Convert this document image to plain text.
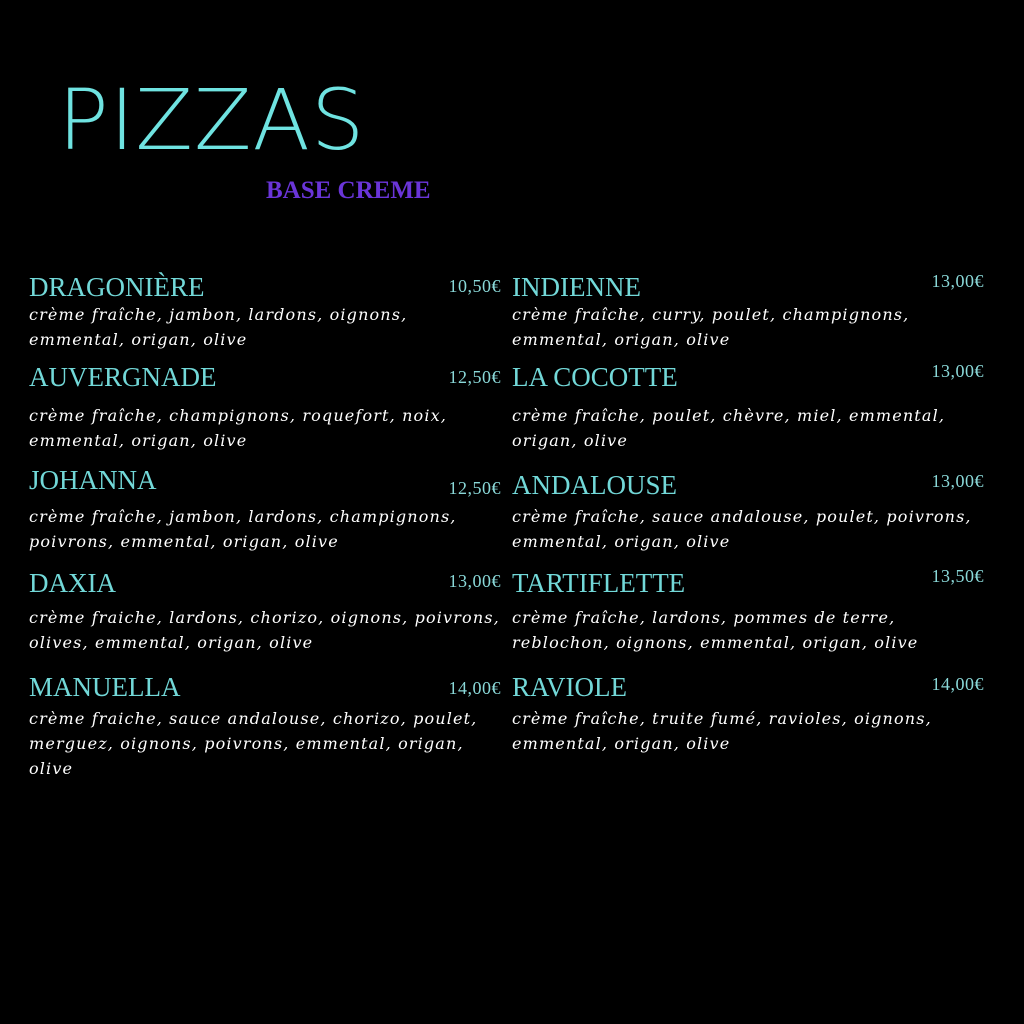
PIZZAS
BASE CREME
DRAGONIÈRE	10,50€
crème fraîche, jambon, lardons, oignons, emmental, origan, olive
AUVERGNADE	12,50€
crème fraîche, champignons, roquefort, noix, emmental, origan, olive
JOHANNA	12,50€
crème fraîche, jambon, lardons, champignons, poivrons, emmental, origan, olive
DAXIA	13,00€
crème fraiche, lardons, chorizo, oignons, poivrons, olives, emmental, origan, olive
MANUELLA	14,00€
crème fraiche, sauce andalouse, chorizo, poulet, merguez, oignons, poivrons, emmental, origan, olive
INDIENNE	13,00€
crème fraîche, curry, poulet, champignons, emmental, origan, olive
LA COCOTTE	13,00€
crème fraîche, poulet, chèvre, miel, emmental, origan, olive
ANDALOUSE	13,00€
crème fraîche, sauce andalouse, poulet, poivrons, emmental, origan, olive
TARTIFLETTE	13,50€
crème fraîche, lardons, pommes de terre, reblochon, oignons, emmental, origan, olive
RAVIOLE	14,00€
crème fraîche, truite fumé, ravioles, oignons, emmental, origan, olive
